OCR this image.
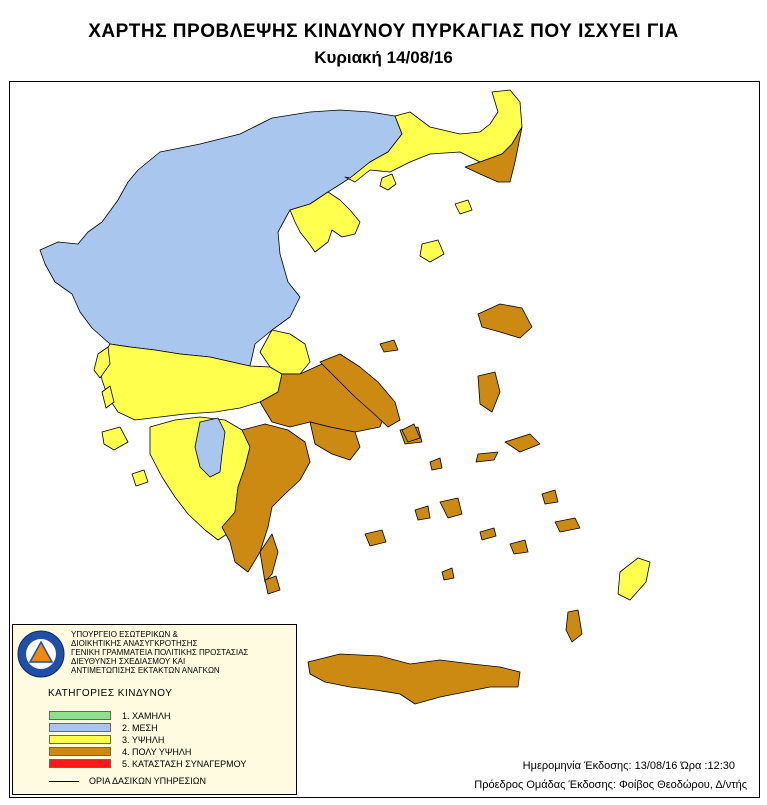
ΧΑΡΤΗΣ ΠΡΟΒΛΕΨΗΣ ΚΙΝΔΥΝΟΥ ΠΥΡΚΑΓΙΑΣ ΠΟΥ ΙΣΧΥΕΙ ΓΙΑ
Κυριακή 14/08/16
ΥΠΟΥΡΓΕΙΟ ΕΣΩΤΕΡΙΚΩΝ &
ΔΙΟΙΚΗΤΙΚΗΣ ΑΝΑΣΥΓΚΡΟΤΗΣΗΣ
ΓΕΝΙΚΗ ΓΡΑΜΜΑΤΕΙΑ ΠΟΛΙΤΙΚΗΣ ΠΡΟΣΤΑΣΙΑΣ
ΔΙΕΥΘΥΝΣΗ ΣΧΕΔΙΑΣΜΟΥ ΚΑΙ
ΑΝΤΙΜΕΤΩΠΙΣΗΣ ΕΚΤΑΚΤΩΝ ΑΝΑΓΚΩΝ
ΚΑΤΗΓΟΡΙΕΣ ΚΙΝΔΥΝΟΥ
1. ΧΑΜΗΛΗ
2. ΜΕΣΗ
3. ΥΨΗΛΗ
4. ΠΟΛΥ ΥΨΗΛΗ
5. ΚΑΤΑΣΤΑΣΗ ΣΥΝΑΓΕΡΜΟΥ
ΟΡΙΑ ΔΑΣΙΚΩΝ ΥΠΗΡΕΣΙΩΝ
Ημερομηνία Έκδοσης: 13/08/16 Ώρα :12:30
Πρόεδρος Ομάδας Έκδοσης: Φοίβος Θεοδώρου, Δ/ντής
